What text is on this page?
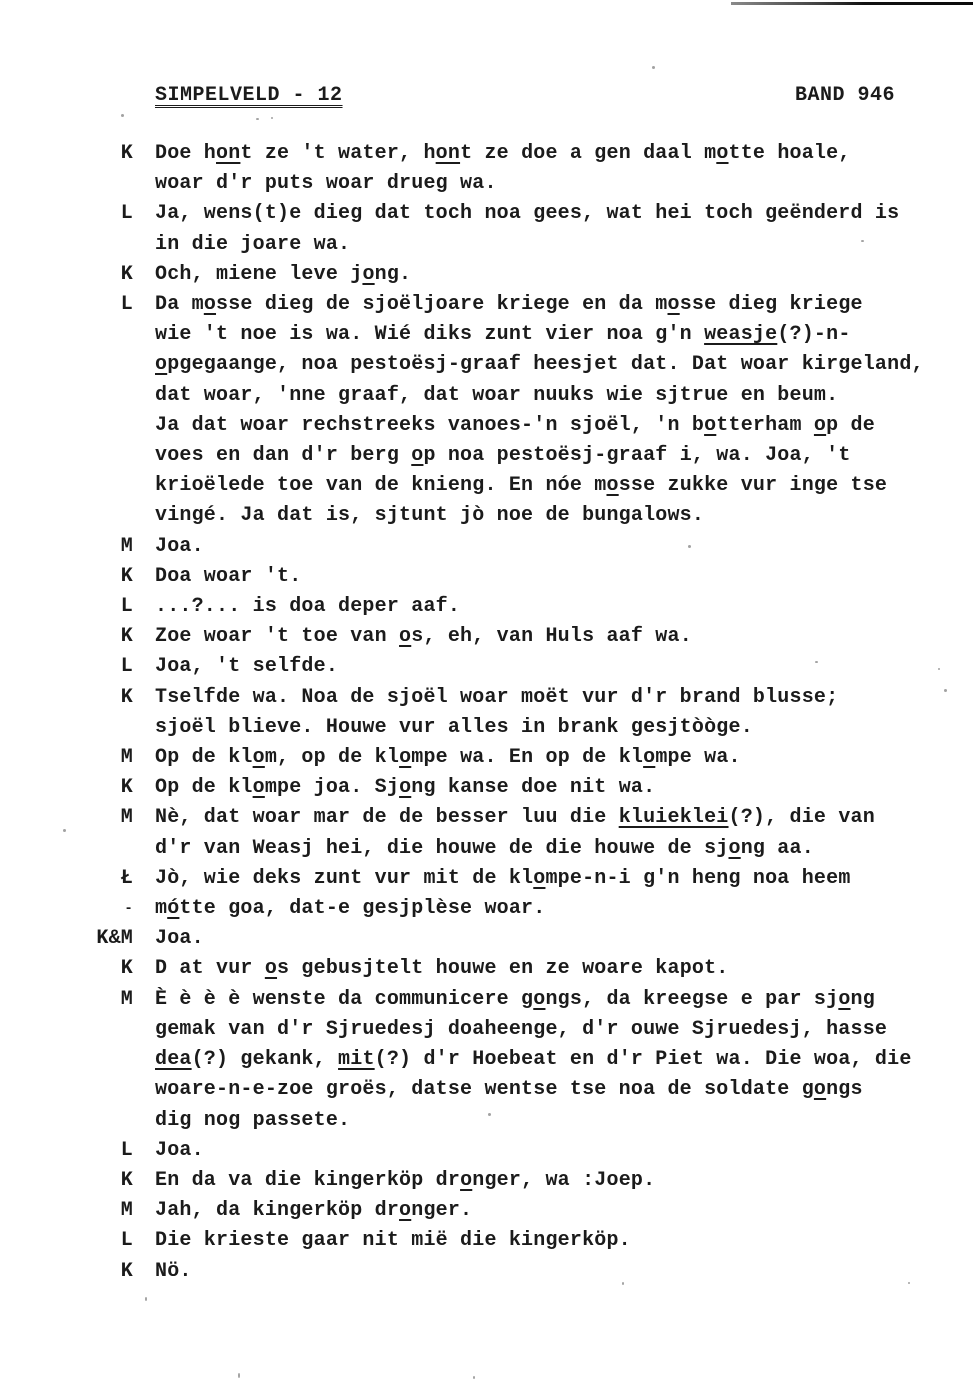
SIMPELVELD - 12	BAND 946
K Doe hont ze 't water, hont ze doe a gen daal motte hoale,
woar d'r puts woar drueg wa.
L Ja, wens(t)e dieg dat toch noa gees, wat hei toch geënderd is
in die joare wa.
K Och, miene leve jong.
L Da mosse dieg de sjoëljoare kriege en da mosse dieg kriege
wie 't noe is wa. Wié diks zunt vier noa g'n weasje(?)-n-
opgegaange, noa pestoësj-graaf heesjet dat. Dat woar kirgeland,
dat woar, 'nne graaf, dat woar nuuks wie sjtrue en beum.
Ja dat woar rechstreeks vanoes-'n sjoël, 'n botterham op de
voes en dan d'r berg op noa pestoësj-graaf i, wa. Joa, 't
krioëlede toe van de knieng. En nóe mosse zukke vur inge tse
vingé. Ja dat is, sjtunt jò noe de bungalows.
M Joa.
K Doa woar 't.
L ...?... is doa deper aaf.
K Zoe woar 't toe van os, eh, van Huls aaf wa.
L Joa, 't selfde.
K Tselfde wa. Noa de sjoël woar moët vur d'r brand blusse;
sjoël blieve. Houwe vur alles in brank gesjtòòge.
M Op de klom, op de klompe wa. En op de klompe wa.
K Op de klompe joa. Sjong kanse doe nit wa.
M Nè, dat woar mar de de besser luu die kluieklei(?), die van
d'r van Weasj hei, die houwe de die houwe de sjong aa.
Ł
-
Jò, wie deks zunt vur mit de klompe-n-i g'n heng noa heem
mótte goa, dat-e gesjplèse woar.
K&M Joa.
K D at vur os gebusjtelt houwe en ze woare kapot.
M È è è è wenste da communicere gongs, da kreegse e par sjong
gemak van d'r Sjruedesj doaheenge, d'r ouwe Sjruedesj, hasse
dea(?) gekank, mit(?) d'r Hoebeat en d'r Piet wa. Die woa, die
woare-n-e-zoe groës, datse wentse tse noa de soldate gongs
dig nog passete.
L Joa.
K En da va die kingerköp dronger, wa :Joep.
M Jah, da kingerköp dronger.
L Die krieste gaar nit mië die kingerköp.
K Nö.
